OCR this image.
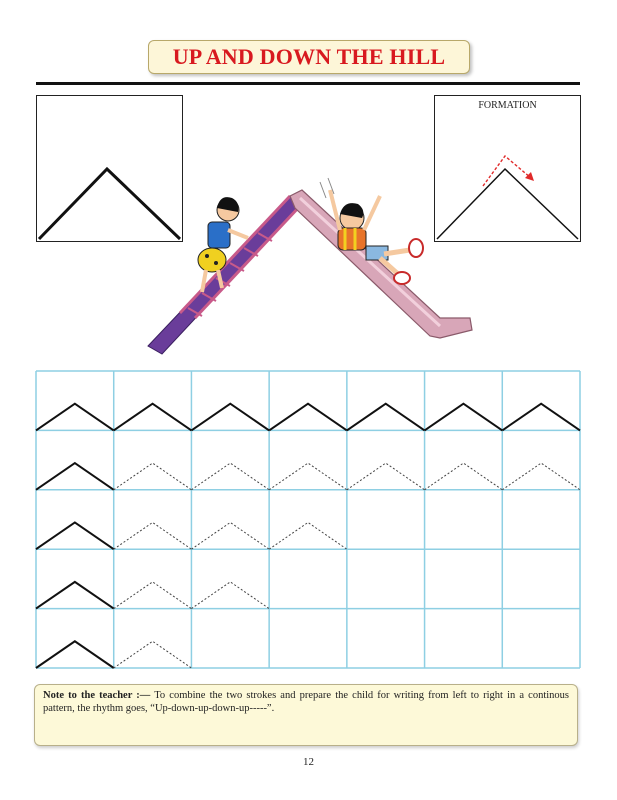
UP AND DOWN THE HILL
FORMATION
Note to the teacher :— To combine the two strokes and prepare the child for writing from left to right in a continous pattern, the rhythm goes, “Up-down-up-down-up-----”.
12
